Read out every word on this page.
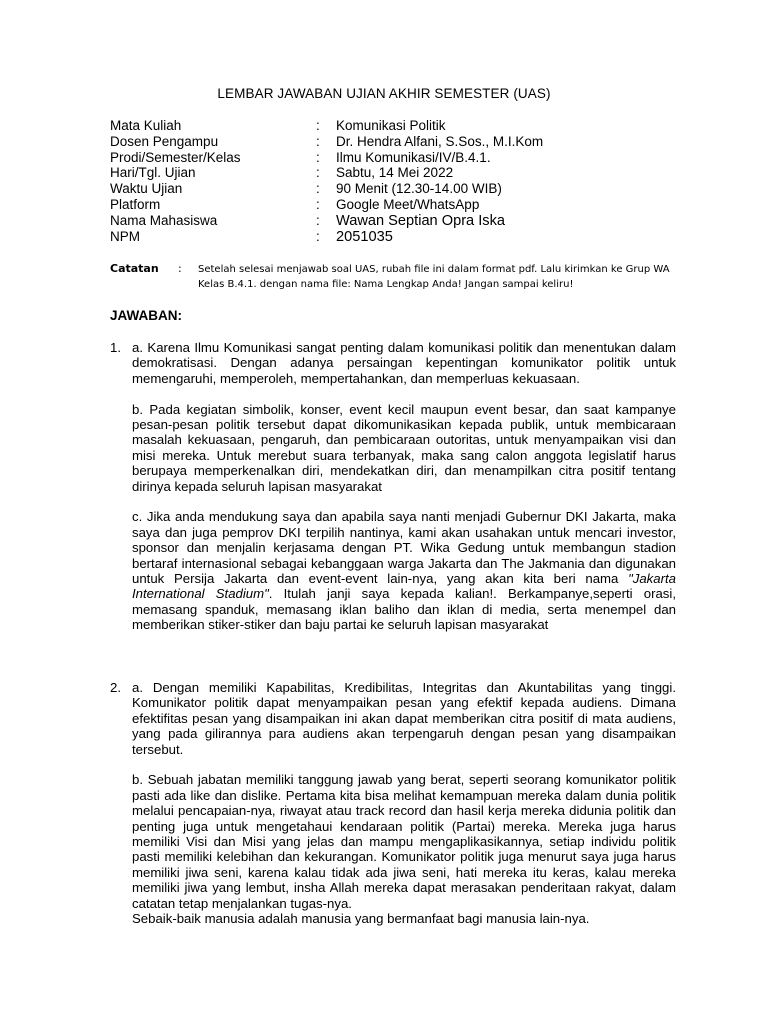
LEMBAR JAWABAN UJIAN AKHIR SEMESTER (UAS)
Mata Kuliah	: Komunikasi Politik
Dosen Pengampu	: Dr. Hendra Alfani, S.Sos., M.I.Kom
Prodi/Semester/Kelas	: Ilmu Komunikasi/IV/B.4.1.
Hari/Tgl. Ujian	: Sabtu, 14 Mei 2022
Waktu Ujian	: 90 Menit (12.30-14.00 WIB)
Platform	: Google Meet/WhatsApp
Nama Mahasiswa	: Wawan Septian Opra Iska
NPM	: 2051035
Catatan : Setelah selesai menjawab soal UAS, rubah file ini dalam format pdf. Lalu kirimkan ke Grup WA Kelas B.4.1. dengan nama file: Nama Lengkap Anda! Jangan sampai keliru!
JAWABAN:
1. a. Karena Ilmu Komunikasi sangat penting dalam komunikasi politik dan menentukan dalam demokratisasi. Dengan adanya persaingan kepentingan komunikator politik untuk memengaruhi, memperoleh, mempertahankan, dan memperluas kekuasaan.

b. Pada kegiatan simbolik, konser, event kecil maupun event besar, dan saat kampanye pesan-pesan politik tersebut dapat dikomunikasikan kepada publik, untuk membicaraan masalah kekuasaan, pengaruh, dan pembicaraan outoritas, untuk menyampaikan visi dan misi mereka. Untuk merebut suara terbanyak, maka sang calon anggota legislatif harus berupaya memperkenalkan diri, mendekatkan diri, dan menampilkan citra positif tentang dirinya kepada seluruh lapisan masyarakat

c. Jika anda mendukung saya dan apabila saya nanti menjadi Gubernur DKI Jakarta, maka saya dan juga pemprov DKI terpilih nantinya, kami akan usahakan untuk mencari investor, sponsor dan menjalin kerjasama dengan PT. Wika Gedung untuk membangun stadion bertaraf internasional sebagai kebanggaan warga Jakarta dan The Jakmania dan digunakan untuk Persija Jakarta dan event-event lain-nya, yang akan kita beri nama "Jakarta International Stadium". Itulah janji saya kepada kalian!. Berkampanye,seperti orasi, memasang spanduk, memasang iklan baliho dan iklan di media, serta menempel dan memberikan stiker-stiker dan baju partai ke seluruh lapisan masyarakat

2. a. Dengan memiliki Kapabilitas, Kredibilitas, Integritas dan Akuntabilitas yang tinggi. Komunikator politik dapat menyampaikan pesan yang efektif kepada audiens. Dimana efektifitas pesan yang disampaikan ini akan dapat memberikan citra positif di mata audiens, yang pada gilirannya para audiens akan terpengaruh dengan pesan yang disampaikan tersebut.

b. Sebuah jabatan memiliki tanggung jawab yang berat, seperti seorang komunikator politik pasti ada like dan dislike. Pertama kita bisa melihat kemampuan mereka dalam dunia politik melalui pencapaian-nya, riwayat atau track record dan hasil kerja mereka didunia politik dan penting juga untuk mengetahaui kendaraan politik (Partai) mereka. Mereka juga harus memiliki Visi dan Misi yang jelas dan mampu mengaplikasikannya, setiap individu politik pasti memiliki kelebihan dan kekurangan. Komunikator politik juga menurut saya juga harus memiliki jiwa seni, karena kalau tidak ada jiwa seni, hati mereka itu keras, kalau mereka memiliki jiwa yang lembut, insha Allah mereka dapat merasakan penderitaan rakyat, dalam catatan tetap menjalankan tugas-nya.

Sebaik-baik manusia adalah manusia yang bermanfaat bagi manusia lain-nya.
